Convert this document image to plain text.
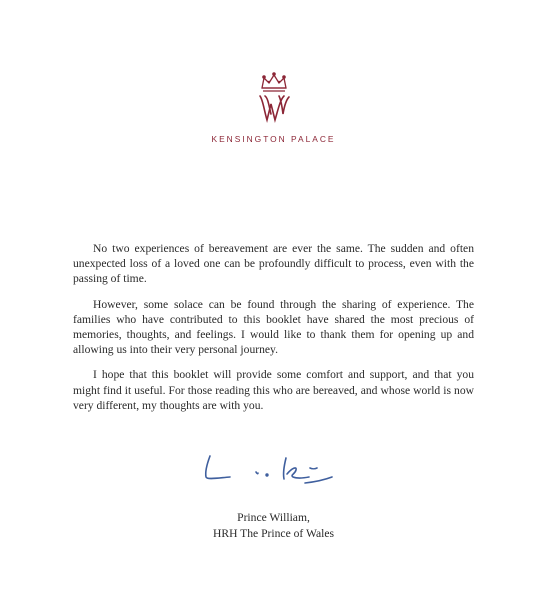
KENSINGTON PALACE

No two experiences of bereavement are ever the same. The sudden and often unexpected loss of a loved one can be profoundly difficult to process, even with the passing of time.

However, some solace can be found through the sharing of experience. The families who have contributed to this booklet have shared the most precious of memories, thoughts, and feelings. I would like to thank them for opening up and allowing us into their very personal journey.

I hope that this booklet will provide some comfort and support, and that you might find it useful. For those reading this who are bereaved, and whose world is now very different, my thoughts are with you.

Prince William,
HRH The Prince of Wales
